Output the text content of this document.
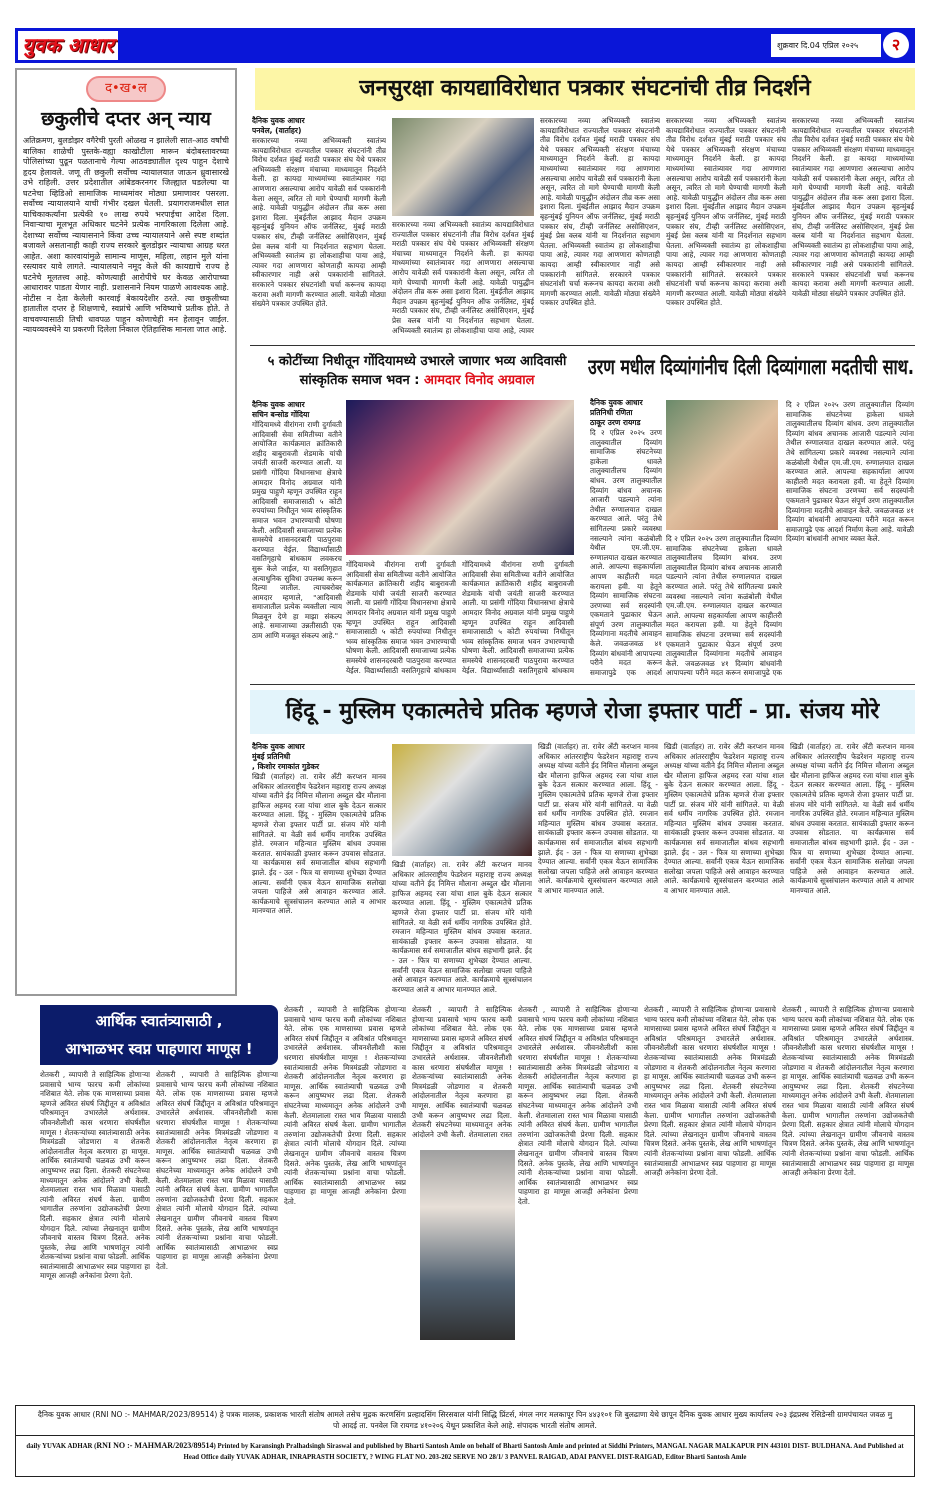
युवक आधार	शुक्रवार दि.04 एप्रिल २०२५	२
द•ख•ल
छकुलीचे दप्तर अन् न्याय
अतिक्रमण, बुलडोझर वगैरेची पुरती ओळख न झालेली सात-आठ वर्षांची बालिका शाळेची पुस्तके-वह्या काखोटीला मारून बंदोबस्तावरच्या पोलिसांच्या पुढून पळतानाचे गेल्या आठवड्यातील दृश्य पाहून देशाचे हृदय हेलावले. जणू ती छकुली सर्वोच्च न्यायालयात जाऊन ध्रुवासारखे उभे राहिली. उत्तर प्रदेशातील आंबेडकरनगर जिल्ह्यात घडलेल्या या घटनेचा व्हिडिओ सामाजिक माध्यमांवर मोठ्या प्रमाणावर पसरला. सर्वोच्च न्यायालयाने याची गंभीर दखल घेतली. प्रयागराजमधील सात याचिकाकर्त्यांना प्रत्येकी १० लाख रुपये भरपाईचा आदेश दिला. निवाऱ्याचा मूलभूत अधिकार घटनेने प्रत्येक नागरिकाला दिलेला आहे. देशाच्या सर्वोच्च न्यायासनाने किंवा उच्च न्यायालयाने असे स्पष्ट शब्दांत बजावले असतानाही काही राज्य सरकारे बुलडोझर न्यायाचा आग्रह धरत आहेत. अशा कारवायांमुळे सामान्य माणूस, महिला, लहान मुले यांना रस्त्यावर यावे लागते. न्यायालयाने नमूद केले की कायद्याचे राज्य हे घटनेचे मूलतत्त्व आहे. कोणत्याही आरोपीचे घर केवळ आरोपाच्या आधारावर पाडता येणार नाही. प्रशासनाने नियम पाळणे आवश्यक आहे. नोटीस न देता केलेली कारवाई बेकायदेशीर ठरते. त्या छकुलीच्या हातातील दप्तर हे शिक्षणाचे, स्वप्नांचे आणि भविष्याचे प्रतीक होते. ते वाचवण्यासाठी तिची धावपळ पाहून कोणाचेही मन हेलावून जाईल. न्यायव्यवस्थेने या प्रकरणी दिलेला निकाल ऐतिहासिक मानला जात आहे.
जनसुरक्षा कायद्याविरोधात पत्रकार संघटनांची तीव्र निदर्शने
दैनिक युवक आधार
पनवेल, (वार्ताहर)
सरकारच्या नव्या अभिव्यक्ती स्वातंत्र्य कायद्याविरोधात राज्यातील पत्रकार संघटनांनी तीव्र विरोध दर्शवत मुंबई मराठी पत्रकार संघ येथे पत्रकार अभिव्यक्ती संरक्षण मंचाच्या माध्यमातून निदर्शने केली. हा कायदा माध्यमांच्या स्वातंत्र्यावर गदा आणणारा असल्याचा आरोप यावेळी सर्व पत्रकारांनी केला असून, त्वरित तो मागे घेण्याची मागणी केली आहे. यावेळी पायुद्धीन अंदोलन तीव्र करू असा इशारा दिला. मुंबईतील आझाद मैदान उपक्रम बृहन्मुंबई युनियन ऑफ जर्नलिस्ट, मुंबई मराठी पत्रकार संघ, टीव्ही जर्नलिस्ट असोसिएशन, मुंबई प्रेस क्लब यांनी या निदर्शनात सहभाग घेतला. अभिव्यक्ती स्वातंत्र्य हा लोकशाहीचा पाया आहे, त्यावर गदा आणणारा कोणताही कायदा आम्ही स्वीकारणार नाही असे पत्रकारांनी सांगितले. सरकारने पत्रकार संघटनांशी चर्चा करूनच कायदा करावा अशी मागणी करण्यात आली. यावेळी मोठ्या संख्येने पत्रकार उपस्थित होते.
सरकारच्या नव्या अभिव्यक्ती स्वातंत्र्य कायद्याविरोधात राज्यातील पत्रकार संघटनांनी तीव्र विरोध दर्शवत मुंबई मराठी पत्रकार संघ येथे पत्रकार अभिव्यक्ती संरक्षण मंचाच्या माध्यमातून निदर्शने केली. हा कायदा माध्यमांच्या स्वातंत्र्यावर गदा आणणारा असल्याचा आरोप यावेळी सर्व पत्रकारांनी केला असून, त्वरित तो मागे घेण्याची मागणी केली आहे. यावेळी पायुद्धीन अंदोलन तीव्र करू असा इशारा दिला. मुंबईतील आझाद मैदान उपक्रम बृहन्मुंबई युनियन ऑफ जर्नलिस्ट, मुंबई मराठी पत्रकार संघ, टीव्ही जर्नलिस्ट असोसिएशन, मुंबई प्रेस क्लब यांनी या निदर्शनात सहभाग घेतला. अभिव्यक्ती स्वातंत्र्य हा लोकशाहीचा पाया आहे, त्यावर
सरकारच्या नव्या अभिव्यक्ती स्वातंत्र्य कायद्याविरोधात राज्यातील पत्रकार संघटनांनी तीव्र विरोध दर्शवत मुंबई मराठी पत्रकार संघ येथे पत्रकार अभिव्यक्ती संरक्षण मंचाच्या माध्यमातून निदर्शने केली. हा कायदा माध्यमांच्या स्वातंत्र्यावर गदा आणणारा असल्याचा आरोप यावेळी सर्व पत्रकारांनी केला असून, त्वरित तो मागे घेण्याची मागणी केली आहे. यावेळी पायुद्धीन अंदोलन तीव्र करू असा इशारा दिला. मुंबईतील आझाद मैदान उपक्रम बृहन्मुंबई युनियन ऑफ जर्नलिस्ट, मुंबई मराठी पत्रकार संघ, टीव्ही जर्नलिस्ट असोसिएशन, मुंबई प्रेस क्लब यांनी या निदर्शनात सहभाग घेतला. अभिव्यक्ती स्वातंत्र्य हा लोकशाहीचा पाया आहे, त्यावर गदा आणणारा कोणताही कायदा आम्ही स्वीकारणार नाही असे पत्रकारांनी सांगितले. सरकारने पत्रकार संघटनांशी चर्चा करूनच कायदा करावा अशी मागणी करण्यात आली. यावेळी मोठ्या संख्येने पत्रकार उपस्थित होते.
सरकारच्या नव्या अभिव्यक्ती स्वातंत्र्य कायद्याविरोधात राज्यातील पत्रकार संघटनांनी तीव्र विरोध दर्शवत मुंबई मराठी पत्रकार संघ येथे पत्रकार अभिव्यक्ती संरक्षण मंचाच्या माध्यमातून निदर्शने केली. हा कायदा माध्यमांच्या स्वातंत्र्यावर गदा आणणारा असल्याचा आरोप यावेळी सर्व पत्रकारांनी केला असून, त्वरित तो मागे घेण्याची मागणी केली आहे. यावेळी पायुद्धीन अंदोलन तीव्र करू असा इशारा दिला. मुंबईतील आझाद मैदान उपक्रम बृहन्मुंबई युनियन ऑफ जर्नलिस्ट, मुंबई मराठी पत्रकार संघ, टीव्ही जर्नलिस्ट असोसिएशन, मुंबई प्रेस क्लब यांनी या निदर्शनात सहभाग घेतला. अभिव्यक्ती स्वातंत्र्य हा लोकशाहीचा पाया आहे, त्यावर गदा आणणारा कोणताही कायदा आम्ही स्वीकारणार नाही असे पत्रकारांनी सांगितले. सरकारने पत्रकार संघटनांशी चर्चा करूनच कायदा करावा अशी मागणी करण्यात आली. यावेळी मोठ्या संख्येने पत्रकार उपस्थित होते.
सरकारच्या नव्या अभिव्यक्ती स्वातंत्र्य कायद्याविरोधात राज्यातील पत्रकार संघटनांनी तीव्र विरोध दर्शवत मुंबई मराठी पत्रकार संघ येथे पत्रकार अभिव्यक्ती संरक्षण मंचाच्या माध्यमातून निदर्शने केली. हा कायदा माध्यमांच्या स्वातंत्र्यावर गदा आणणारा असल्याचा आरोप यावेळी सर्व पत्रकारांनी केला असून, त्वरित तो मागे घेण्याची मागणी केली आहे. यावेळी पायुद्धीन अंदोलन तीव्र करू असा इशारा दिला. मुंबईतील आझाद मैदान उपक्रम बृहन्मुंबई युनियन ऑफ जर्नलिस्ट, मुंबई मराठी पत्रकार संघ, टीव्ही जर्नलिस्ट असोसिएशन, मुंबई प्रेस क्लब यांनी या निदर्शनात सहभाग घेतला. अभिव्यक्ती स्वातंत्र्य हा लोकशाहीचा पाया आहे, त्यावर गदा आणणारा कोणताही कायदा आम्ही स्वीकारणार नाही असे पत्रकारांनी सांगितले. सरकारने पत्रकार संघटनांशी चर्चा करूनच कायदा करावा अशी मागणी करण्यात आली. यावेळी मोठ्या संख्येने पत्रकार उपस्थित होते.
५ कोटींच्या निधीतून गोंदियामध्ये उभारले जाणार भव्य आदिवासी
सांस्कृतिक समाज भवन : आमदार विनोद अग्रवाल
दैनिक युवक आधार
सचिन बन्सोड गोंदिया
गोंदियामध्ये वीरांगना राणी दुर्गावती आदिवासी सेवा समितीच्या वतीने आयोजित कार्यक्रमात क्रांतिकारी शहीद बाबुरावजी शेडमाके यांची जयंती साजरी करण्यात आली. या प्रसंगी गोंदिया विधानसभा क्षेत्राचे आमदार विनोद अग्रवाल यांनी प्रमुख पाहुणे म्हणून उपस्थित राहून आदिवासी समाजासाठी ५ कोटी रुपयांच्या निधीतून भव्य सांस्कृतिक समाज भवन उभारण्याची घोषणा केली. आदिवासी समाजाच्या प्रत्येक समस्येचे शासनदरबारी पाठपुरावा करण्यात येईल. विद्यार्थ्यांसाठी वसतिगृहाचे बांधकाम लवकरच सुरू केले जाईल, या वसतिगृहात अत्याधुनिक सुविधा उपलब्ध करून दिल्या जातील. त्याचबरोबर आमदार म्हणाले, "आदिवासी समाजातील प्रत्येक व्यक्तीला न्याय मिळवून देणे हा माझा संकल्प आहे. समाजाच्या उन्नतीसाठी एक ठाम आणि मजबूत संकल्प आहे."
गोंदियामध्ये वीरांगना राणी दुर्गावती आदिवासी सेवा समितीच्या वतीने आयोजित कार्यक्रमात क्रांतिकारी शहीद बाबुरावजी शेडमाके यांची जयंती साजरी करण्यात आली. या प्रसंगी गोंदिया विधानसभा क्षेत्राचे आमदार विनोद अग्रवाल यांनी प्रमुख पाहुणे म्हणून उपस्थित राहून आदिवासी समाजासाठी ५ कोटी रुपयांच्या निधीतून भव्य सांस्कृतिक समाज भवन उभारण्याची घोषणा केली. आदिवासी समाजाच्या प्रत्येक समस्येचे शासनदरबारी पाठपुरावा करण्यात येईल. विद्यार्थ्यांसाठी वसतिगृहाचे बांधकाम
गोंदियामध्ये वीरांगना राणी दुर्गावती आदिवासी सेवा समितीच्या वतीने आयोजित कार्यक्रमात क्रांतिकारी शहीद बाबुरावजी शेडमाके यांची जयंती साजरी करण्यात आली. या प्रसंगी गोंदिया विधानसभा क्षेत्राचे आमदार विनोद अग्रवाल यांनी प्रमुख पाहुणे म्हणून उपस्थित राहून आदिवासी समाजासाठी ५ कोटी रुपयांच्या निधीतून भव्य सांस्कृतिक समाज भवन उभारण्याची घोषणा केली. आदिवासी समाजाच्या प्रत्येक समस्येचे शासनदरबारी पाठपुरावा करण्यात येईल. विद्यार्थ्यांसाठी वसतिगृहाचे बांधकाम
उरण मधील दिव्यांगांनीच दिली दिव्यांगाला मदतीची साथ.
दैनिक युवक आधार
प्रतिनिधी रणिता
ठाकूर उरण रायगड
दि २ एप्रिल २०२५ उरण तालुक्यातील दिव्यांग सामाजिक संघटनेच्या हाकेला धावले तालुक्यातीलच दिव्यांग बांधव. उरण तालुक्यातील दिव्यांग बांधव अचानक आजारी पडल्याने त्यांना तेथील रुग्णालयात दाखल करण्यात आले. परंतु तेथे सांगितल्या प्रकारे व्यवस्था नसल्याने त्यांना कळंबोली येथील एम.जी.एम. रुग्णालयात दाखल करण्यात आले. आपल्या सहकार्याला आपण काहीतरी मदत करायला हवी. या हेतूने दिव्यांग सामाजिक संघटना उरणच्या सर्व सदस्यांनी एकमताने पुढाकार घेऊन संपूर्ण उरण तालुक्यातील दिव्यांगाना मदतीचे आवाहन केले. जवळजवळ ४१ दिव्यांग बांधवांनी आपापल्या परीने मदत करून समाजापुढे एक आदर्श
दि २ एप्रिल २०२५ उरण तालुक्यातील दिव्यांग सामाजिक संघटनेच्या हाकेला धावले तालुक्यातीलच दिव्यांग बांधव. उरण तालुक्यातील दिव्यांग बांधव अचानक आजारी पडल्याने त्यांना तेथील रुग्णालयात दाखल करण्यात आले. परंतु तेथे सांगितल्या प्रकारे व्यवस्था नसल्याने त्यांना कळंबोली येथील एम.जी.एम. रुग्णालयात दाखल करण्यात आले. आपल्या सहकार्याला आपण काहीतरी मदत करायला हवी. या हेतूने दिव्यांग सामाजिक संघटना उरणच्या सर्व सदस्यांनी एकमताने पुढाकार घेऊन संपूर्ण उरण तालुक्यातील दिव्यांगाना मदतीचे आवाहन केले. जवळजवळ ४१ दिव्यांग बांधवांनी आपापल्या परीने मदत करून समाजापुढे एक
दि २ एप्रिल २०२५ उरण तालुक्यातील दिव्यांग सामाजिक संघटनेच्या हाकेला धावले तालुक्यातीलच दिव्यांग बांधव. उरण तालुक्यातील दिव्यांग बांधव अचानक आजारी पडल्याने त्यांना तेथील रुग्णालयात दाखल करण्यात आले. परंतु तेथे सांगितल्या प्रकारे व्यवस्था नसल्याने त्यांना कळंबोली येथील एम.जी.एम. रुग्णालयात दाखल करण्यात आले. आपल्या सहकार्याला आपण काहीतरी मदत करायला हवी. या हेतूने दिव्यांग सामाजिक संघटना उरणच्या सर्व सदस्यांनी एकमताने पुढाकार घेऊन संपूर्ण उरण तालुक्यातील दिव्यांगाना मदतीचे आवाहन केले. जवळजवळ ४१ दिव्यांग बांधवांनी आपापल्या परीने मदत करून समाजापुढे एक आदर्श निर्माण केला आहे. यावेळी दिव्यांग बांधवांनी आभार व्यक्त केले.
हिंदू - मुस्लिम एकात्मतेचे प्रतिक म्हणजे रोजा इफ्तार पार्टी - प्रा. संजय मोरे
दैनिक युवक आधार
मुंबई प्रतिनिधी
, किशोर रमाकांत गुडेकर
खिडी (वार्ताहर) ता. रावेर अँटी करप्शन मानव अधिकार आंतरराष्ट्रीय फेडरेशन महाराष्ट्र राज्य अध्यक्ष यांच्या वतीने ईद निमित्त मौलाना अब्दुल खैर मौलाना हाफिज अहमद रजा यांचा शाल बुके देऊन सत्कार करण्यात आला. हिंदू - मुस्लिम एकात्मतेचे प्रतिक म्हणजे रोजा इफ्तार पार्टी प्रा. संजय मोरे यांनी सांगितले. या वेळी सर्व धर्मीय नागरिक उपस्थित होते. रमजान महिन्यात मुस्लिम बांधव उपवास करतात. सायंकाळी इफ्तार करून उपवास सोडतात. या कार्यक्रमास सर्व समाजातील बांधव सहभागी झाले. ईद - उल - फित्र या सणाच्या शुभेच्छा देण्यात आल्या. सर्वांनी एकत्र येऊन सामाजिक सलोखा जपला पाहिजे असे आवाहन करण्यात आले. कार्यक्रमाचे सूत्रसंचालन करण्यात आले व आभार मानण्यात आले.
खिडी (वार्ताहर) ता. रावेर अँटी करप्शन मानव अधिकार आंतरराष्ट्रीय फेडरेशन महाराष्ट्र राज्य अध्यक्ष यांच्या वतीने ईद निमित्त मौलाना अब्दुल खैर मौलाना हाफिज अहमद रजा यांचा शाल बुके देऊन सत्कार करण्यात आला. हिंदू - मुस्लिम एकात्मतेचे प्रतिक म्हणजे रोजा इफ्तार पार्टी प्रा. संजय मोरे यांनी सांगितले. या वेळी सर्व धर्मीय नागरिक उपस्थित होते. रमजान महिन्यात मुस्लिम बांधव उपवास करतात. सायंकाळी इफ्तार करून उपवास सोडतात. या कार्यक्रमास सर्व समाजातील बांधव सहभागी झाले. ईद - उल - फित्र या सणाच्या शुभेच्छा देण्यात आल्या. सर्वांनी एकत्र येऊन सामाजिक सलोखा जपला पाहिजे असे आवाहन करण्यात आले. कार्यक्रमाचे सूत्रसंचालन करण्यात आले व आभार मानण्यात आले.
खिडी (वार्ताहर) ता. रावेर अँटी करप्शन मानव अधिकार आंतरराष्ट्रीय फेडरेशन महाराष्ट्र राज्य अध्यक्ष यांच्या वतीने ईद निमित्त मौलाना अब्दुल खैर मौलाना हाफिज अहमद रजा यांचा शाल बुके देऊन सत्कार करण्यात आला. हिंदू - मुस्लिम एकात्मतेचे प्रतिक म्हणजे रोजा इफ्तार पार्टी प्रा. संजय मोरे यांनी सांगितले. या वेळी सर्व धर्मीय नागरिक उपस्थित होते. रमजान महिन्यात मुस्लिम बांधव उपवास करतात. सायंकाळी इफ्तार करून उपवास सोडतात. या कार्यक्रमास सर्व समाजातील बांधव सहभागी झाले. ईद - उल - फित्र या सणाच्या शुभेच्छा देण्यात आल्या. सर्वांनी एकत्र येऊन सामाजिक सलोखा जपला पाहिजे असे आवाहन करण्यात आले. कार्यक्रमाचे सूत्रसंचालन करण्यात आले व आभार मानण्यात आले.
खिडी (वार्ताहर) ता. रावेर अँटी करप्शन मानव अधिकार आंतरराष्ट्रीय फेडरेशन महाराष्ट्र राज्य अध्यक्ष यांच्या वतीने ईद निमित्त मौलाना अब्दुल खैर मौलाना हाफिज अहमद रजा यांचा शाल बुके देऊन सत्कार करण्यात आला. हिंदू - मुस्लिम एकात्मतेचे प्रतिक म्हणजे रोजा इफ्तार पार्टी प्रा. संजय मोरे यांनी सांगितले. या वेळी सर्व धर्मीय नागरिक उपस्थित होते. रमजान महिन्यात मुस्लिम बांधव उपवास करतात. सायंकाळी इफ्तार करून उपवास सोडतात. या कार्यक्रमास सर्व समाजातील बांधव सहभागी झाले. ईद - उल - फित्र या सणाच्या शुभेच्छा देण्यात आल्या. सर्वांनी एकत्र येऊन सामाजिक सलोखा जपला पाहिजे असे आवाहन करण्यात आले. कार्यक्रमाचे सूत्रसंचालन करण्यात आले व आभार मानण्यात आले.
खिडी (वार्ताहर) ता. रावेर अँटी करप्शन मानव अधिकार आंतरराष्ट्रीय फेडरेशन महाराष्ट्र राज्य अध्यक्ष यांच्या वतीने ईद निमित्त मौलाना अब्दुल खैर मौलाना हाफिज अहमद रजा यांचा शाल बुके देऊन सत्कार करण्यात आला. हिंदू - मुस्लिम एकात्मतेचे प्रतिक म्हणजे रोजा इफ्तार पार्टी प्रा. संजय मोरे यांनी सांगितले. या वेळी सर्व धर्मीय नागरिक उपस्थित होते. रमजान महिन्यात मुस्लिम बांधव उपवास करतात. सायंकाळी इफ्तार करून उपवास सोडतात. या कार्यक्रमास सर्व समाजातील बांधव सहभागी झाले. ईद - उल - फित्र या सणाच्या शुभेच्छा देण्यात आल्या. सर्वांनी एकत्र येऊन सामाजिक सलोखा जपला पाहिजे असे आवाहन करण्यात आले. कार्यक्रमाचे सूत्रसंचालन करण्यात आले व आभार मानण्यात आले.
आर्थिक स्वातंत्र्यासाठी ,
आभाळभर स्वप्न पाहणारा माणूस !
शेतकरी , व्यापारी ते साहित्यिक होणाऱ्या प्रवासाचे भाग्य फारच कमी लोकांच्या नशिबात येते. लोक एक माणसाच्या प्रवास म्हणजे अविरत संघर्ष जिद्दीतून व अविश्रांत परिश्रमातून उभारलेले अर्थशास्त्र. जीवनशैलीशी कास धरणारा संघर्षशील माणूस ! शेतकऱ्यांच्या स्वातंत्र्यासाठी अनेक मित्रमंडळी जोडणारा व शेतकरी आंदोलनातील नेतृत्व करणारा हा माणूस. आर्थिक स्वातंत्र्याची चळवळ उभी करून आयुष्यभर लढा दिला. शेतकरी संघटनेच्या माध्यमातून अनेक आंदोलने उभी केली. शेतमालाला रास्त भाव मिळावा यासाठी त्यांनी अविरत संघर्ष केला. ग्रामीण भागातील तरुणांना उद्योजकतेची प्रेरणा दिली. सहकार क्षेत्रात त्यांनी मोलाचे योगदान दिले. त्यांच्या लेखनातून ग्रामीण जीवनाचे वास्तव चित्रण दिसते. अनेक पुस्तके, लेख आणि भाषणांतून त्यांनी शेतकऱ्यांच्या प्रश्नांना वाचा फोडली. आर्थिक स्वातंत्र्यासाठी आभाळभर स्वप्न पाहणारा हा माणूस आजही अनेकांना प्रेरणा देतो.
शेतकरी , व्यापारी ते साहित्यिक होणाऱ्या प्रवासाचे भाग्य फारच कमी लोकांच्या नशिबात येते. लोक एक माणसाच्या प्रवास म्हणजे अविरत संघर्ष जिद्दीतून व अविश्रांत परिश्रमातून उभारलेले अर्थशास्त्र. जीवनशैलीशी कास धरणारा संघर्षशील माणूस ! शेतकऱ्यांच्या स्वातंत्र्यासाठी अनेक मित्रमंडळी जोडणारा व शेतकरी आंदोलनातील नेतृत्व करणारा हा माणूस. आर्थिक स्वातंत्र्याची चळवळ उभी करून आयुष्यभर लढा दिला. शेतकरी संघटनेच्या माध्यमातून अनेक आंदोलने उभी केली. शेतमालाला रास्त भाव मिळावा यासाठी त्यांनी अविरत संघर्ष केला. ग्रामीण भागातील तरुणांना उद्योजकतेची प्रेरणा दिली. सहकार क्षेत्रात त्यांनी मोलाचे योगदान दिले. त्यांच्या लेखनातून ग्रामीण जीवनाचे वास्तव चित्रण दिसते. अनेक पुस्तके, लेख आणि भाषणांतून त्यांनी शेतकऱ्यांच्या प्रश्नांना वाचा फोडली. आर्थिक स्वातंत्र्यासाठी आभाळभर स्वप्न पाहणारा हा माणूस आजही अनेकांना प्रेरणा देतो.
शेतकरी , व्यापारी ते साहित्यिक होणाऱ्या प्रवासाचे भाग्य फारच कमी लोकांच्या नशिबात येते. लोक एक माणसाच्या प्रवास म्हणजे अविरत संघर्ष जिद्दीतून व अविश्रांत परिश्रमातून उभारलेले अर्थशास्त्र. जीवनशैलीशी कास धरणारा संघर्षशील माणूस ! शेतकऱ्यांच्या स्वातंत्र्यासाठी अनेक मित्रमंडळी जोडणारा व शेतकरी आंदोलनातील नेतृत्व करणारा हा माणूस. आर्थिक स्वातंत्र्याची चळवळ उभी करून आयुष्यभर लढा दिला. शेतकरी संघटनेच्या माध्यमातून अनेक आंदोलने उभी केली. शेतमालाला रास्त भाव मिळावा यासाठी त्यांनी अविरत संघर्ष केला. ग्रामीण भागातील तरुणांना उद्योजकतेची प्रेरणा दिली. सहकार क्षेत्रात त्यांनी मोलाचे योगदान दिले. त्यांच्या लेखनातून ग्रामीण जीवनाचे वास्तव चित्रण दिसते. अनेक पुस्तके, लेख आणि भाषणांतून त्यांनी शेतकऱ्यांच्या प्रश्नांना वाचा फोडली. आर्थिक स्वातंत्र्यासाठी आभाळभर स्वप्न पाहणारा हा माणूस आजही अनेकांना प्रेरणा देतो.
शेतकरी , व्यापारी ते साहित्यिक होणाऱ्या प्रवासाचे भाग्य फारच कमी लोकांच्या नशिबात येते. लोक एक माणसाच्या प्रवास म्हणजे अविरत संघर्ष जिद्दीतून व अविश्रांत परिश्रमातून उभारलेले अर्थशास्त्र. जीवनशैलीशी कास धरणारा संघर्षशील माणूस ! शेतकऱ्यांच्या स्वातंत्र्यासाठी अनेक मित्रमंडळी जोडणारा व शेतकरी आंदोलनातील नेतृत्व करणारा हा माणूस. आर्थिक स्वातंत्र्याची चळवळ उभी करून आयुष्यभर लढा दिला. शेतकरी संघटनेच्या माध्यमातून अनेक आंदोलने उभी केली. शेतमालाला रास्त
शेतकरी , व्यापारी ते साहित्यिक होणाऱ्या प्रवासाचे भाग्य फारच कमी लोकांच्या नशिबात येते. लोक एक माणसाच्या प्रवास म्हणजे अविरत संघर्ष जिद्दीतून व अविश्रांत परिश्रमातून उभारलेले अर्थशास्त्र. जीवनशैलीशी कास धरणारा संघर्षशील माणूस ! शेतकऱ्यांच्या स्वातंत्र्यासाठी अनेक मित्रमंडळी जोडणारा व शेतकरी आंदोलनातील नेतृत्व करणारा हा माणूस. आर्थिक स्वातंत्र्याची चळवळ उभी करून आयुष्यभर लढा दिला. शेतकरी संघटनेच्या माध्यमातून अनेक आंदोलने उभी केली. शेतमालाला रास्त भाव मिळावा यासाठी त्यांनी अविरत संघर्ष केला. ग्रामीण भागातील तरुणांना उद्योजकतेची प्रेरणा दिली. सहकार क्षेत्रात त्यांनी मोलाचे योगदान दिले. त्यांच्या लेखनातून ग्रामीण जीवनाचे वास्तव चित्रण दिसते. अनेक पुस्तके, लेख आणि भाषणांतून त्यांनी शेतकऱ्यांच्या प्रश्नांना वाचा फोडली. आर्थिक स्वातंत्र्यासाठी आभाळभर स्वप्न पाहणारा हा माणूस आजही अनेकांना प्रेरणा देतो.
शेतकरी , व्यापारी ते साहित्यिक होणाऱ्या प्रवासाचे भाग्य फारच कमी लोकांच्या नशिबात येते. लोक एक माणसाच्या प्रवास म्हणजे अविरत संघर्ष जिद्दीतून व अविश्रांत परिश्रमातून उभारलेले अर्थशास्त्र. जीवनशैलीशी कास धरणारा संघर्षशील माणूस ! शेतकऱ्यांच्या स्वातंत्र्यासाठी अनेक मित्रमंडळी जोडणारा व शेतकरी आंदोलनातील नेतृत्व करणारा हा माणूस. आर्थिक स्वातंत्र्याची चळवळ उभी करून आयुष्यभर लढा दिला. शेतकरी संघटनेच्या माध्यमातून अनेक आंदोलने उभी केली. शेतमालाला रास्त भाव मिळावा यासाठी त्यांनी अविरत संघर्ष केला. ग्रामीण भागातील तरुणांना उद्योजकतेची प्रेरणा दिली. सहकार क्षेत्रात त्यांनी मोलाचे योगदान दिले. त्यांच्या लेखनातून ग्रामीण जीवनाचे वास्तव चित्रण दिसते. अनेक पुस्तके, लेख आणि भाषणांतून त्यांनी शेतकऱ्यांच्या प्रश्नांना वाचा फोडली. आर्थिक स्वातंत्र्यासाठी आभाळभर स्वप्न पाहणारा हा माणूस आजही अनेकांना प्रेरणा देतो.
शेतकरी , व्यापारी ते साहित्यिक होणाऱ्या प्रवासाचे भाग्य फारच कमी लोकांच्या नशिबात येते. लोक एक माणसाच्या प्रवास म्हणजे अविरत संघर्ष जिद्दीतून व अविश्रांत परिश्रमातून उभारलेले अर्थशास्त्र. जीवनशैलीशी कास धरणारा संघर्षशील माणूस ! शेतकऱ्यांच्या स्वातंत्र्यासाठी अनेक मित्रमंडळी जोडणारा व शेतकरी आंदोलनातील नेतृत्व करणारा हा माणूस. आर्थिक स्वातंत्र्याची चळवळ उभी करून आयुष्यभर लढा दिला. शेतकरी संघटनेच्या माध्यमातून अनेक आंदोलने उभी केली. शेतमालाला रास्त भाव मिळावा यासाठी त्यांनी अविरत संघर्ष केला. ग्रामीण भागातील तरुणांना उद्योजकतेची प्रेरणा दिली. सहकार क्षेत्रात त्यांनी मोलाचे योगदान दिले. त्यांच्या लेखनातून ग्रामीण जीवनाचे वास्तव चित्रण दिसते. अनेक पुस्तके, लेख आणि भाषणांतून त्यांनी शेतकऱ्यांच्या प्रश्नांना वाचा फोडली. आर्थिक स्वातंत्र्यासाठी आभाळभर स्वप्न पाहणारा हा माणूस आजही अनेकांना प्रेरणा देतो.
दैनिक युवक आधार (RNI NO :- MAHMAR/2023/89514) हे पत्रक मालक, प्रकाशक भारती संतोष आमले तसेच मुद्रक करणसिंग प्रल्हादसिंग सिरसवाल यांनी सिद्धि प्रिंटर्स, मंगल नगर मलकापूर पिन ४४३१०१ जि बुलढाणा येथे छापून दैनिक युवक आधार मुख्य कार्यालय २०३ इंद्रप्रस्थ रेसिडेन्सी ग्रामपंचायत जवळ मु पो आदई ता. पनवेल जि रायगड ४१०२०६ येथून प्रकाशित केले आहे. संपादक भारती संतोष आमले.
daily YUVAK ADHAR (RNI NO :- MAHMAR/2023/89514) Printed by Karansingh Pralhadsingh Siraswal and published by Bharti Santosh Amle on behalf of Bharti Santosh Amle and printed at Siddhi Printers, MANGAL NAGAR MALKAPUR PIN 443101 DIST- BULDHANA. And Published at Head Office daily YUVAK ADHAR, INRAPRASTH SOCIETY, ? WING FLAT NO. 203-202 SERVE NO 28/1/ 3 PANVEL RAIGAD, ADAI PANVEL DIST-RAIGAD, Editor Bharti Santosh Amle
